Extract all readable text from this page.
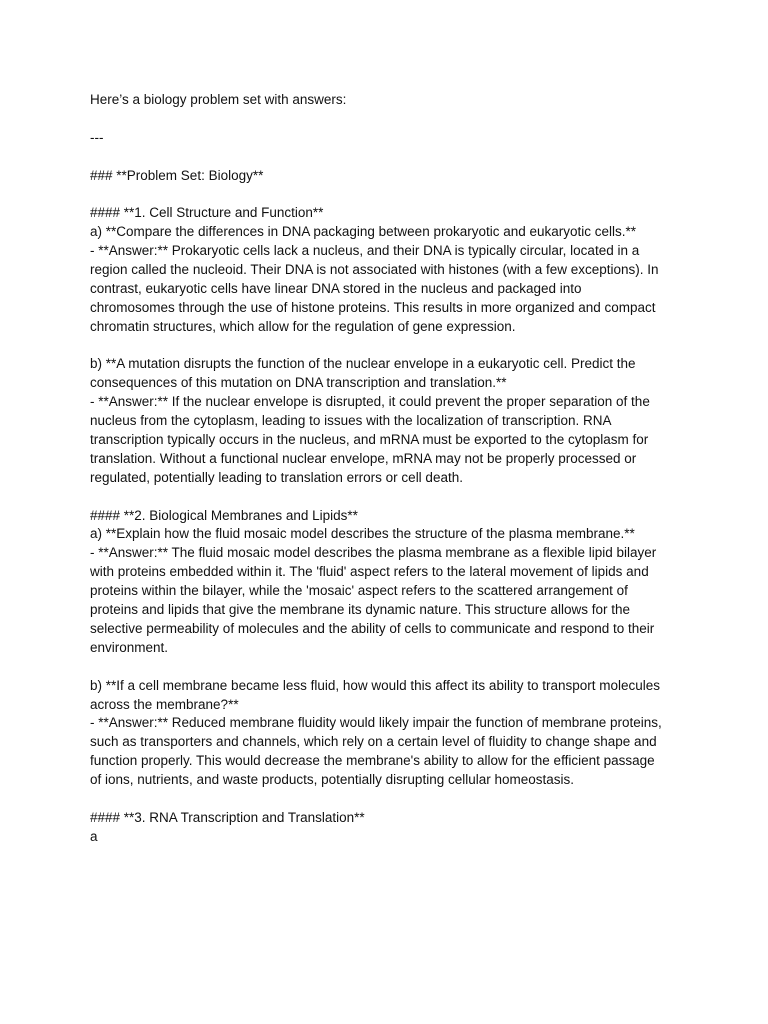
Here’s a biology problem set with answers:
---
### **Problem Set: Biology**
#### **1. Cell Structure and Function**
a) **Compare the differences in DNA packaging between prokaryotic and eukaryotic cells.**
- **Answer:** Prokaryotic cells lack a nucleus, and their DNA is typically circular, located in a
region called the nucleoid. Their DNA is not associated with histones (with a few exceptions). In
contrast, eukaryotic cells have linear DNA stored in the nucleus and packaged into
chromosomes through the use of histone proteins. This results in more organized and compact
chromatin structures, which allow for the regulation of gene expression.
b) **A mutation disrupts the function of the nuclear envelope in a eukaryotic cell. Predict the
consequences of this mutation on DNA transcription and translation.**
- **Answer:** If the nuclear envelope is disrupted, it could prevent the proper separation of the
nucleus from the cytoplasm, leading to issues with the localization of transcription. RNA
transcription typically occurs in the nucleus, and mRNA must be exported to the cytoplasm for
translation. Without a functional nuclear envelope, mRNA may not be properly processed or
regulated, potentially leading to translation errors or cell death.
#### **2. Biological Membranes and Lipids**
a) **Explain how the fluid mosaic model describes the structure of the plasma membrane.**
- **Answer:** The fluid mosaic model describes the plasma membrane as a flexible lipid bilayer
with proteins embedded within it. The 'fluid' aspect refers to the lateral movement of lipids and
proteins within the bilayer, while the 'mosaic' aspect refers to the scattered arrangement of
proteins and lipids that give the membrane its dynamic nature. This structure allows for the
selective permeability of molecules and the ability of cells to communicate and respond to their
environment.
b) **If a cell membrane became less fluid, how would this affect its ability to transport molecules
across the membrane?**
- **Answer:** Reduced membrane fluidity would likely impair the function of membrane proteins,
such as transporters and channels, which rely on a certain level of fluidity to change shape and
function properly. This would decrease the membrane's ability to allow for the efficient passage
of ions, nutrients, and waste products, potentially disrupting cellular homeostasis.
#### **3. RNA Transcription and Translation**
a
